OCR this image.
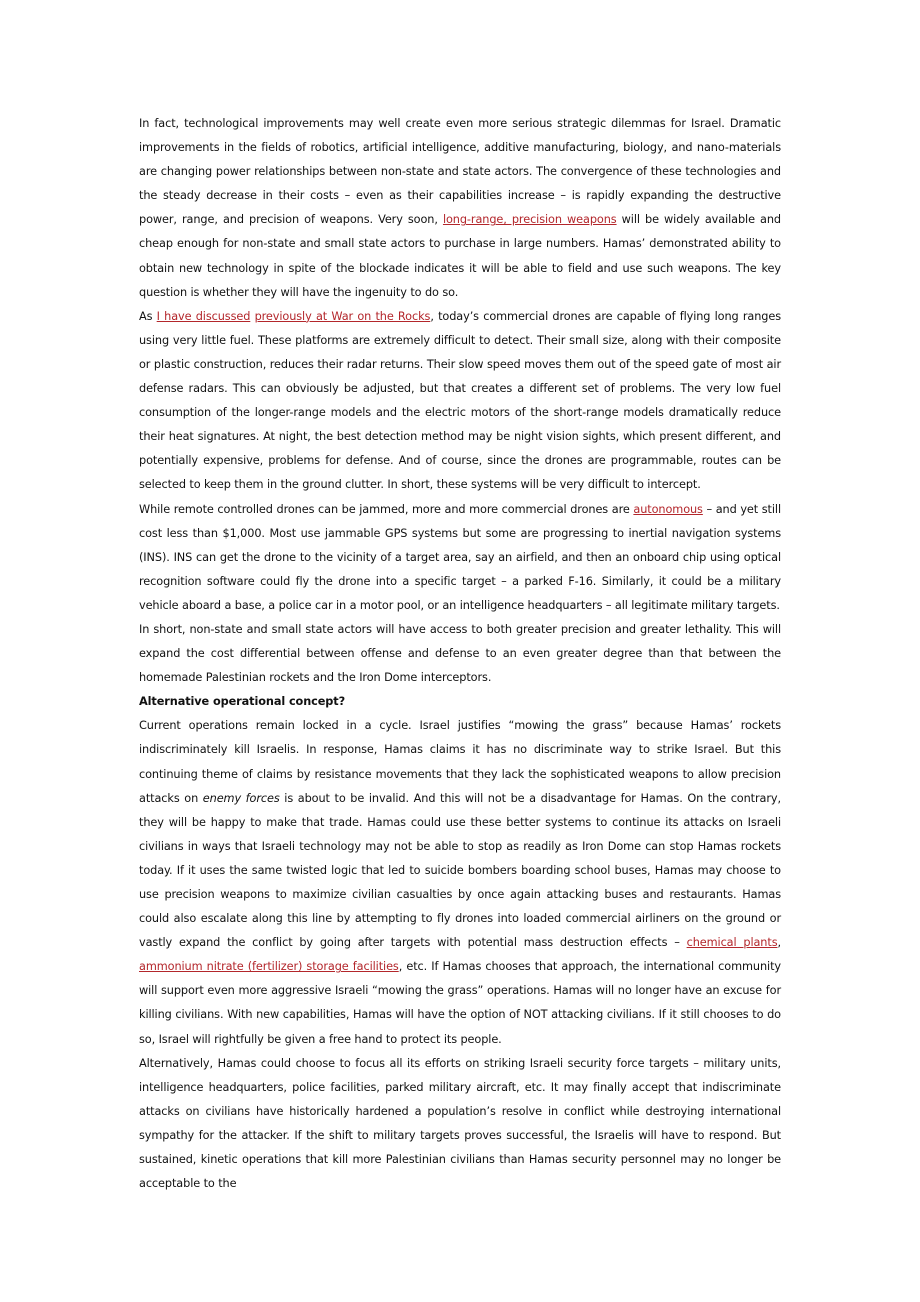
In fact, technological improvements may well create even more serious strategic dilemmas for Israel. Dramatic improvements in the fields of robotics, artificial intelligence, additive manufacturing, biology, and nano-materials are changing power relationships between non-state and state actors. The convergence of these technologies and the steady decrease in their costs – even as their capabilities increase – is rapidly expanding the destructive power, range, and precision of weapons. Very soon, long-range, precision weapons will be widely available and cheap enough for non-state and small state actors to purchase in large numbers. Hamas’ demonstrated ability to obtain new technology in spite of the blockade indicates it will be able to field and use such weapons. The key question is whether they will have the ingenuity to do so.

As I have discussed previously at War on the Rocks, today’s commercial drones are capable of flying long ranges using very little fuel. These platforms are extremely difficult to detect. Their small size, along with their composite or plastic construction, reduces their radar returns. Their slow speed moves them out of the speed gate of most air defense radars. This can obviously be adjusted, but that creates a different set of problems. The very low fuel consumption of the longer-range models and the electric motors of the short-range models dramatically reduce their heat signatures. At night, the best detection method may be night vision sights, which present different, and potentially expensive, problems for defense. And of course, since the drones are programmable, routes can be selected to keep them in the ground clutter. In short, these systems will be very difficult to intercept.

While remote controlled drones can be jammed, more and more commercial drones are autonomous – and yet still cost less than $1,000. Most use jammable GPS systems but some are progressing to inertial navigation systems (INS). INS can get the drone to the vicinity of a target area, say an airfield, and then an onboard chip using optical recognition software could fly the drone into a specific target – a parked F-16. Similarly, it could be a military vehicle aboard a base, a police car in a motor pool, or an intelligence headquarters – all legitimate military targets.

In short, non-state and small state actors will have access to both greater precision and greater lethality. This will expand the cost differential between offense and defense to an even greater degree than that between the homemade Palestinian rockets and the Iron Dome interceptors.

Alternative operational concept?

Current operations remain locked in a cycle. Israel justifies “mowing the grass” because Hamas’ rockets indiscriminately kill Israelis. In response, Hamas claims it has no discriminate way to strike Israel. But this continuing theme of claims by resistance movements that they lack the sophisticated weapons to allow precision attacks on enemy forces is about to be invalid. And this will not be a disadvantage for Hamas. On the contrary, they will be happy to make that trade. Hamas could use these better systems to continue its attacks on Israeli civilians in ways that Israeli technology may not be able to stop as readily as Iron Dome can stop Hamas rockets today. If it uses the same twisted logic that led to suicide bombers boarding school buses, Hamas may choose to use precision weapons to maximize civilian casualties by once again attacking buses and restaurants. Hamas could also escalate along this line by attempting to fly drones into loaded commercial airliners on the ground or vastly expand the conflict by going after targets with potential mass destruction effects – chemical plants, ammonium nitrate (fertilizer) storage facilities, etc. If Hamas chooses that approach, the international community will support even more aggressive Israeli “mowing the grass” operations. Hamas will no longer have an excuse for killing civilians. With new capabilities, Hamas will have the option of NOT attacking civilians. If it still chooses to do so, Israel will rightfully be given a free hand to protect its people.

Alternatively, Hamas could choose to focus all its efforts on striking Israeli security force targets – military units, intelligence headquarters, police facilities, parked military aircraft, etc. It may finally accept that indiscriminate attacks on civilians have historically hardened a population’s resolve in conflict while destroying international sympathy for the attacker. If the shift to military targets proves successful, the Israelis will have to respond. But sustained, kinetic operations that kill more Palestinian civilians than Hamas security personnel may no longer be acceptable to the
